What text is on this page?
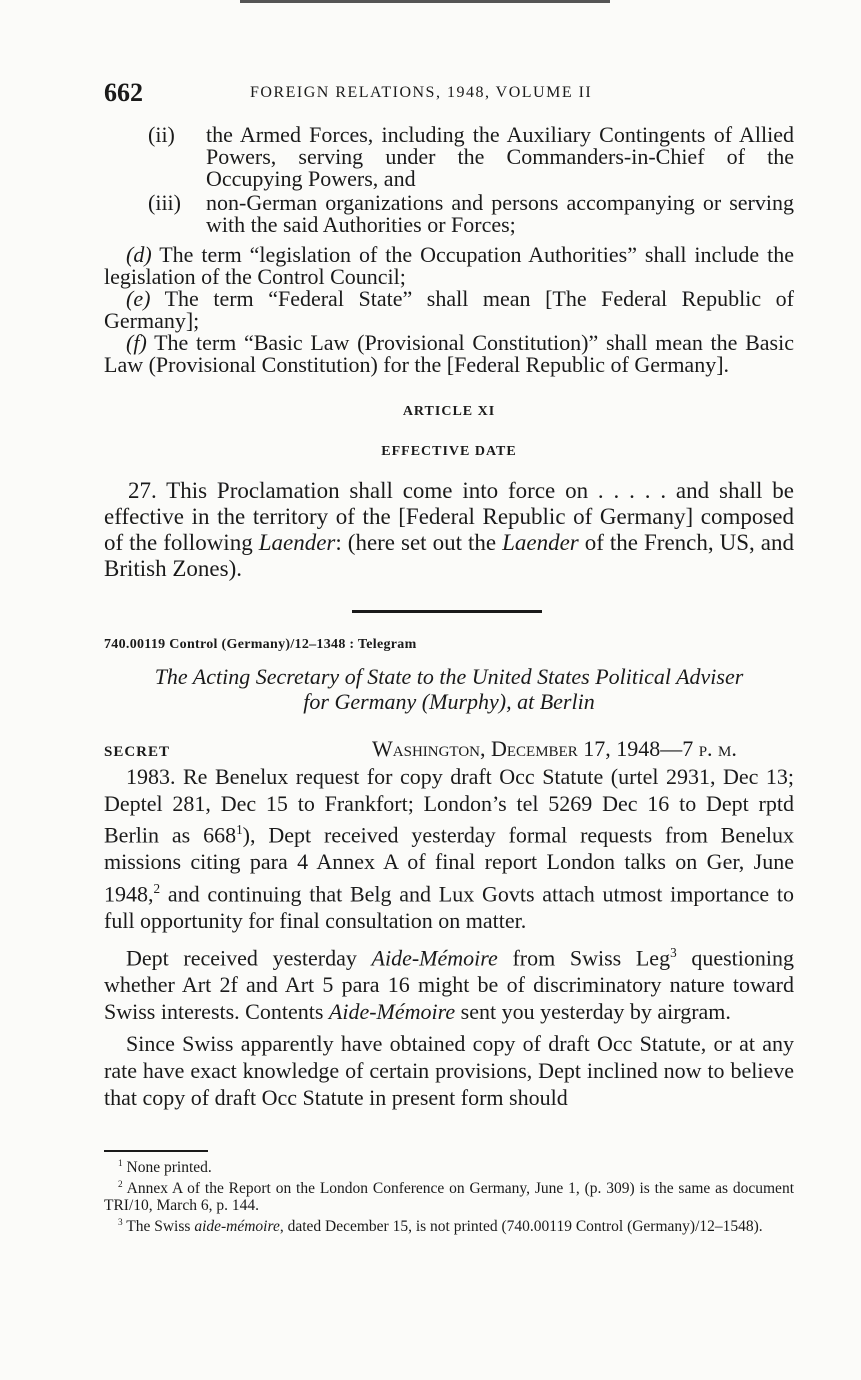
662	FOREIGN RELATIONS, 1948, VOLUME II
(ii) the Armed Forces, including the Auxiliary Contingents of Allied Powers, serving under the Commanders-in-Chief of the Occupying Powers, and
(iii) non-German organizations and persons accompanying or serving with the said Authorities or Forces;

(d) The term “legislation of the Occupation Authorities” shall include the legislation of the Control Council;

(e) The term “Federal State” shall mean [The Federal Republic of Germany];

(f) The term “Basic Law (Provisional Constitution)” shall mean the Basic Law (Provisional Constitution) for the [Federal Republic of Germany].

ARTICLE XI
EFFECTIVE DATE
27. This Proclamation shall come into force on . . . . . and shall be effective in the territory of the [Federal Republic of Germany] composed of the following Laender: (here set out the Laender of the French, US, and British Zones).
740.00119 Control (Germany)/12–1348 : Telegram
The Acting Secretary of State to the United States Political Adviser
for Germany (Murphy), at Berlin
SECRET	Washington, December 17, 1948—7 p. m.

1983. Re Benelux request for copy draft Occ Statute (urtel 2931, Dec 13; Deptel 281, Dec 15 to Frankfort; London’s tel 5269 Dec 16 to Dept rptd Berlin as $668^1$), Dept received yesterday formal requests from Benelux missions citing para 4 Annex A of final report London talks on Ger, June 1948,$^2$ and continuing that Belg and Lux Govts attach utmost importance to full opportunity for final consultation on matter.

Dept received yesterday Aide-Mémoire from Swiss Leg$^3$ questioning whether Art 2f and Art 5 para 16 might be of discriminatory nature toward Swiss interests. Contents Aide-Mémoire sent you yesterday by airgram.

Since Swiss apparently have obtained copy of draft Occ Statute, or at any rate have exact knowledge of certain provisions, Dept inclined now to believe that copy of draft Occ Statute in present form should

$^1$ None printed.

$^2$ Annex A of the Report on the London Conference on Germany, June 1, (p. 309) is the same as document TRI/10, March 6, p. 144.

$^3$ The Swiss aide-mémoire, dated December 15, is not printed (740.00119 Control (Germany)/12–1548).
